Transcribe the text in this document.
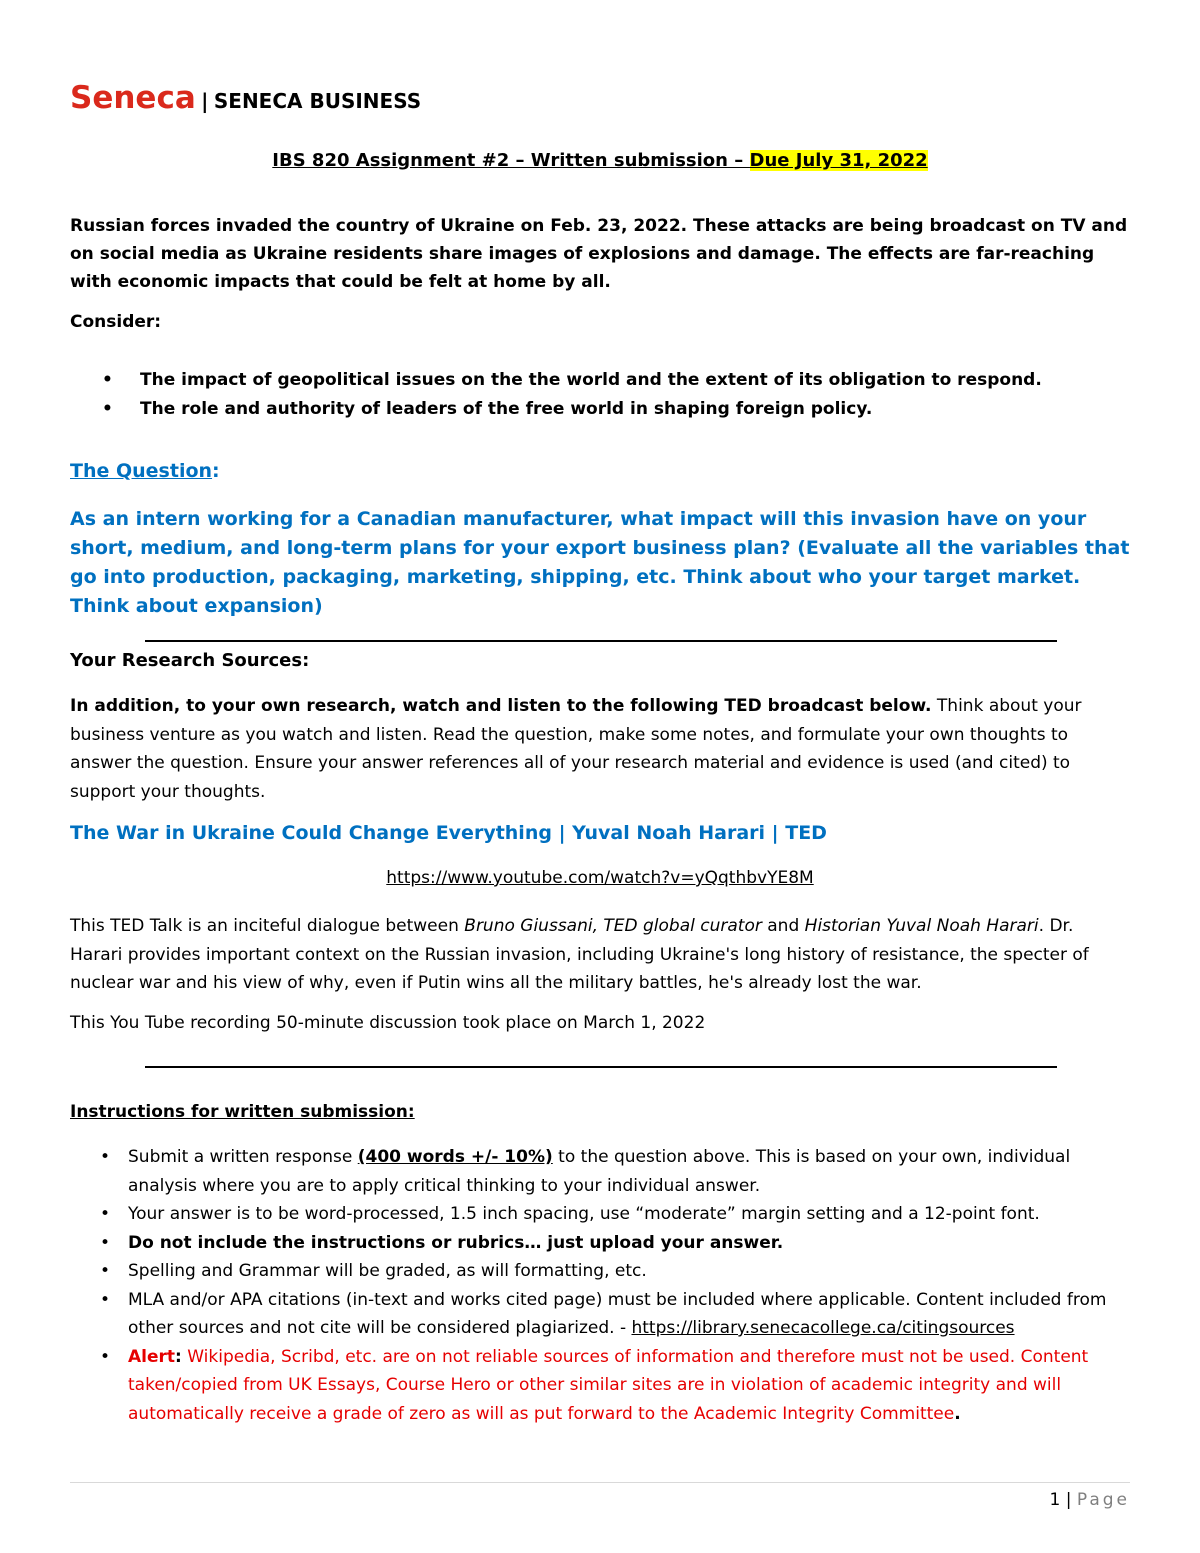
Seneca | SENECA BUSINESS
IBS 820 Assignment #2 – Written submission – Due July 31, 2022
Russian forces invaded the country of Ukraine on Feb. 23, 2022. These attacks are being broadcast on TV and on social media as Ukraine residents share images of explosions and damage. The effects are far-reaching with economic impacts that could be felt at home by all.
Consider:
• The impact of geopolitical issues on the the world and the extent of its obligation to respond.
• The role and authority of leaders of the free world in shaping foreign policy.
The Question:
As an intern working for a Canadian manufacturer, what impact will this invasion have on your short, medium, and long-term plans for your export business plan? (Evaluate all the variables that go into production, packaging, marketing, shipping, etc. Think about who your target market. Think about expansion)
Your Research Sources:
In addition, to your own research, watch and listen to the following TED broadcast below. Think about your business venture as you watch and listen. Read the question, make some notes, and formulate your own thoughts to answer the question. Ensure your answer references all of your research material and evidence is used (and cited) to support your thoughts.
The War in Ukraine Could Change Everything | Yuval Noah Harari | TED
https://www.youtube.com/watch?v=yQqthbvYE8M
This TED Talk is an inciteful dialogue between Bruno Giussani, TED global curator and Historian Yuval Noah Harari. Dr. Harari provides important context on the Russian invasion, including Ukraine's long history of resistance, the specter of nuclear war and his view of why, even if Putin wins all the military battles, he's already lost the war.
This You Tube recording 50-minute discussion took place on March 1, 2022
Instructions for written submission:
• Submit a written response (400 words +/- 10%) to the question above. This is based on your own, individual analysis where you are to apply critical thinking to your individual answer.
• Your answer is to be word-processed, 1.5 inch spacing, use “moderate” margin setting and a 12-point font.
• Do not include the instructions or rubrics… just upload your answer.
• Spelling and Grammar will be graded, as will formatting, etc.
• MLA and/or APA citations (in-text and works cited page) must be included where applicable. Content included from other sources and not cite will be considered plagiarized. - https://library.senecacollege.ca/citingsources
• Alert: Wikipedia, Scribd, etc. are on not reliable sources of information and therefore must not be used. Content taken/copied from UK Essays, Course Hero or other similar sites are in violation of academic integrity and will automatically receive a grade of zero as will as put forward to the Academic Integrity Committee.
1 | Page
